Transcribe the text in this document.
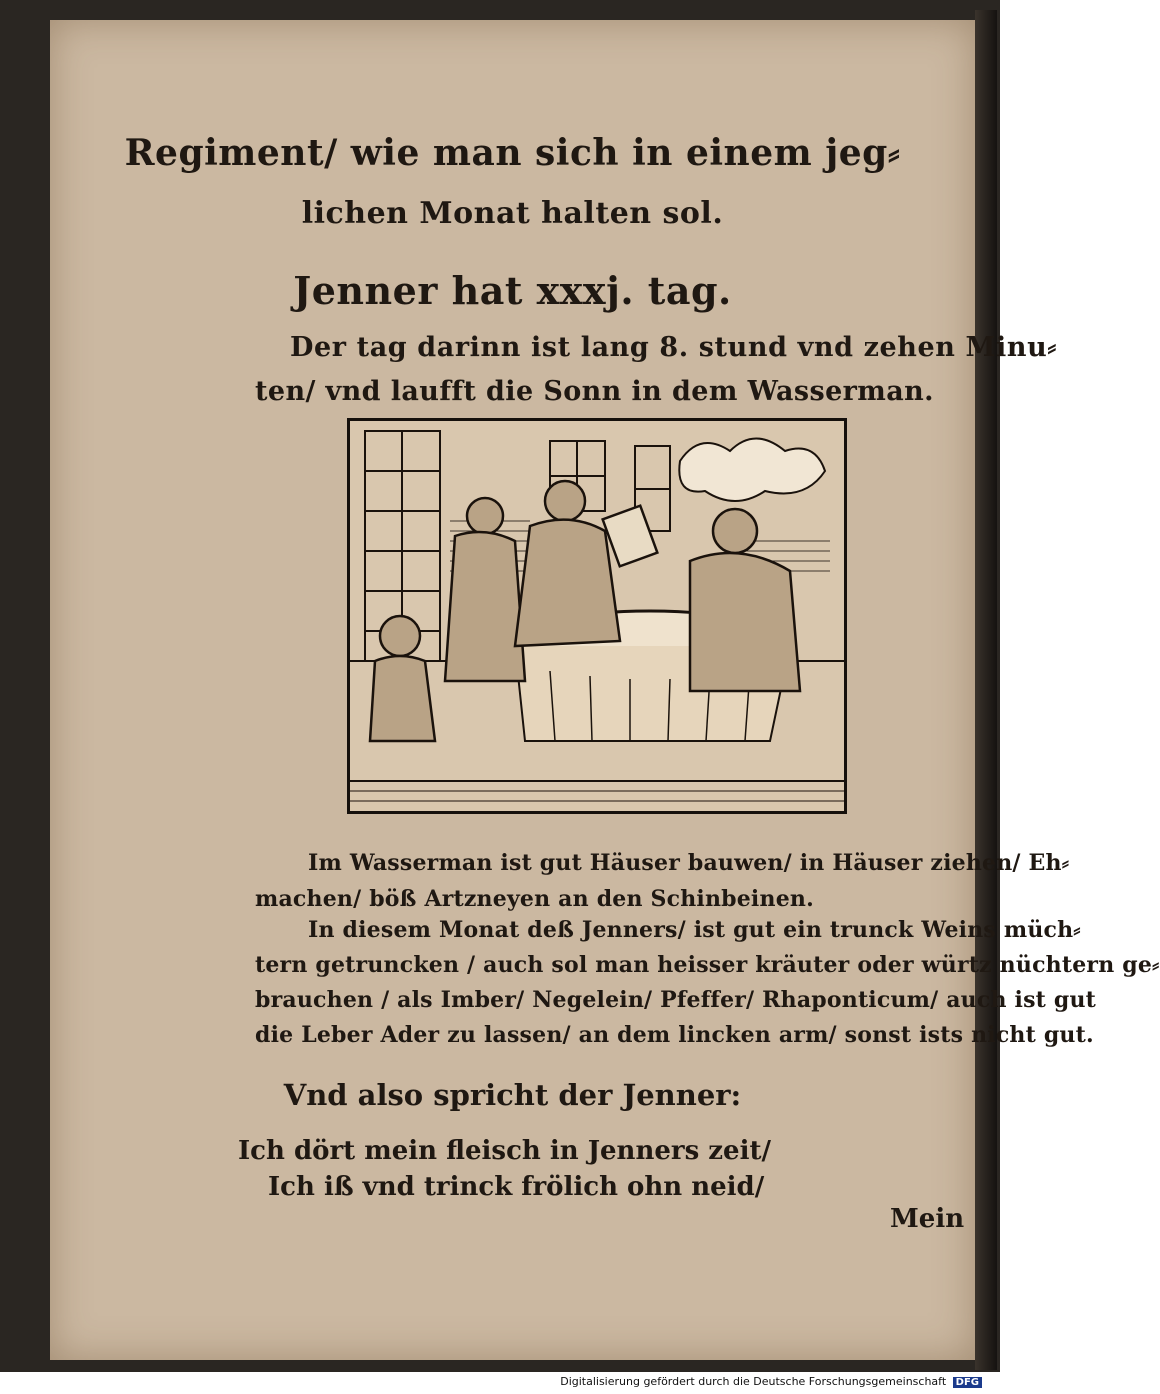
Regiment/ wie man sich in einem jeg⸗
lichen Monat halten sol.
Jenner hat xxxj. tag.
Der tag darinn ist lang 8. stund vnd zehen Minu⸗
ten/ vnd laufft die Sonn in dem Wasserman.
Im Wasserman ist gut Häuser bauwen/ in Häuser ziehen/ Eh⸗
machen/ böß Artzneyen an den Schinbeinen.
In diesem Monat deß Jenners/ ist gut ein trunck Weins müch⸗
tern getruncken / auch sol man heisser kräuter oder würtz nüchtern ge⸗
brauchen / als Imber/ Negelein/ Pfeffer/ Rhaponticum/ auch ist gut
die Leber Ader zu lassen/ an dem lincken arm/ sonst ists nicht gut.
Vnd also spricht der Jenner:
Ich dört mein fleisch in Jenners zeit/
Ich iß vnd trinck frölich ohn neid/
Mein
Digitalisierung gefördert durch die Deutsche Forschungsgemeinschaft DFG
